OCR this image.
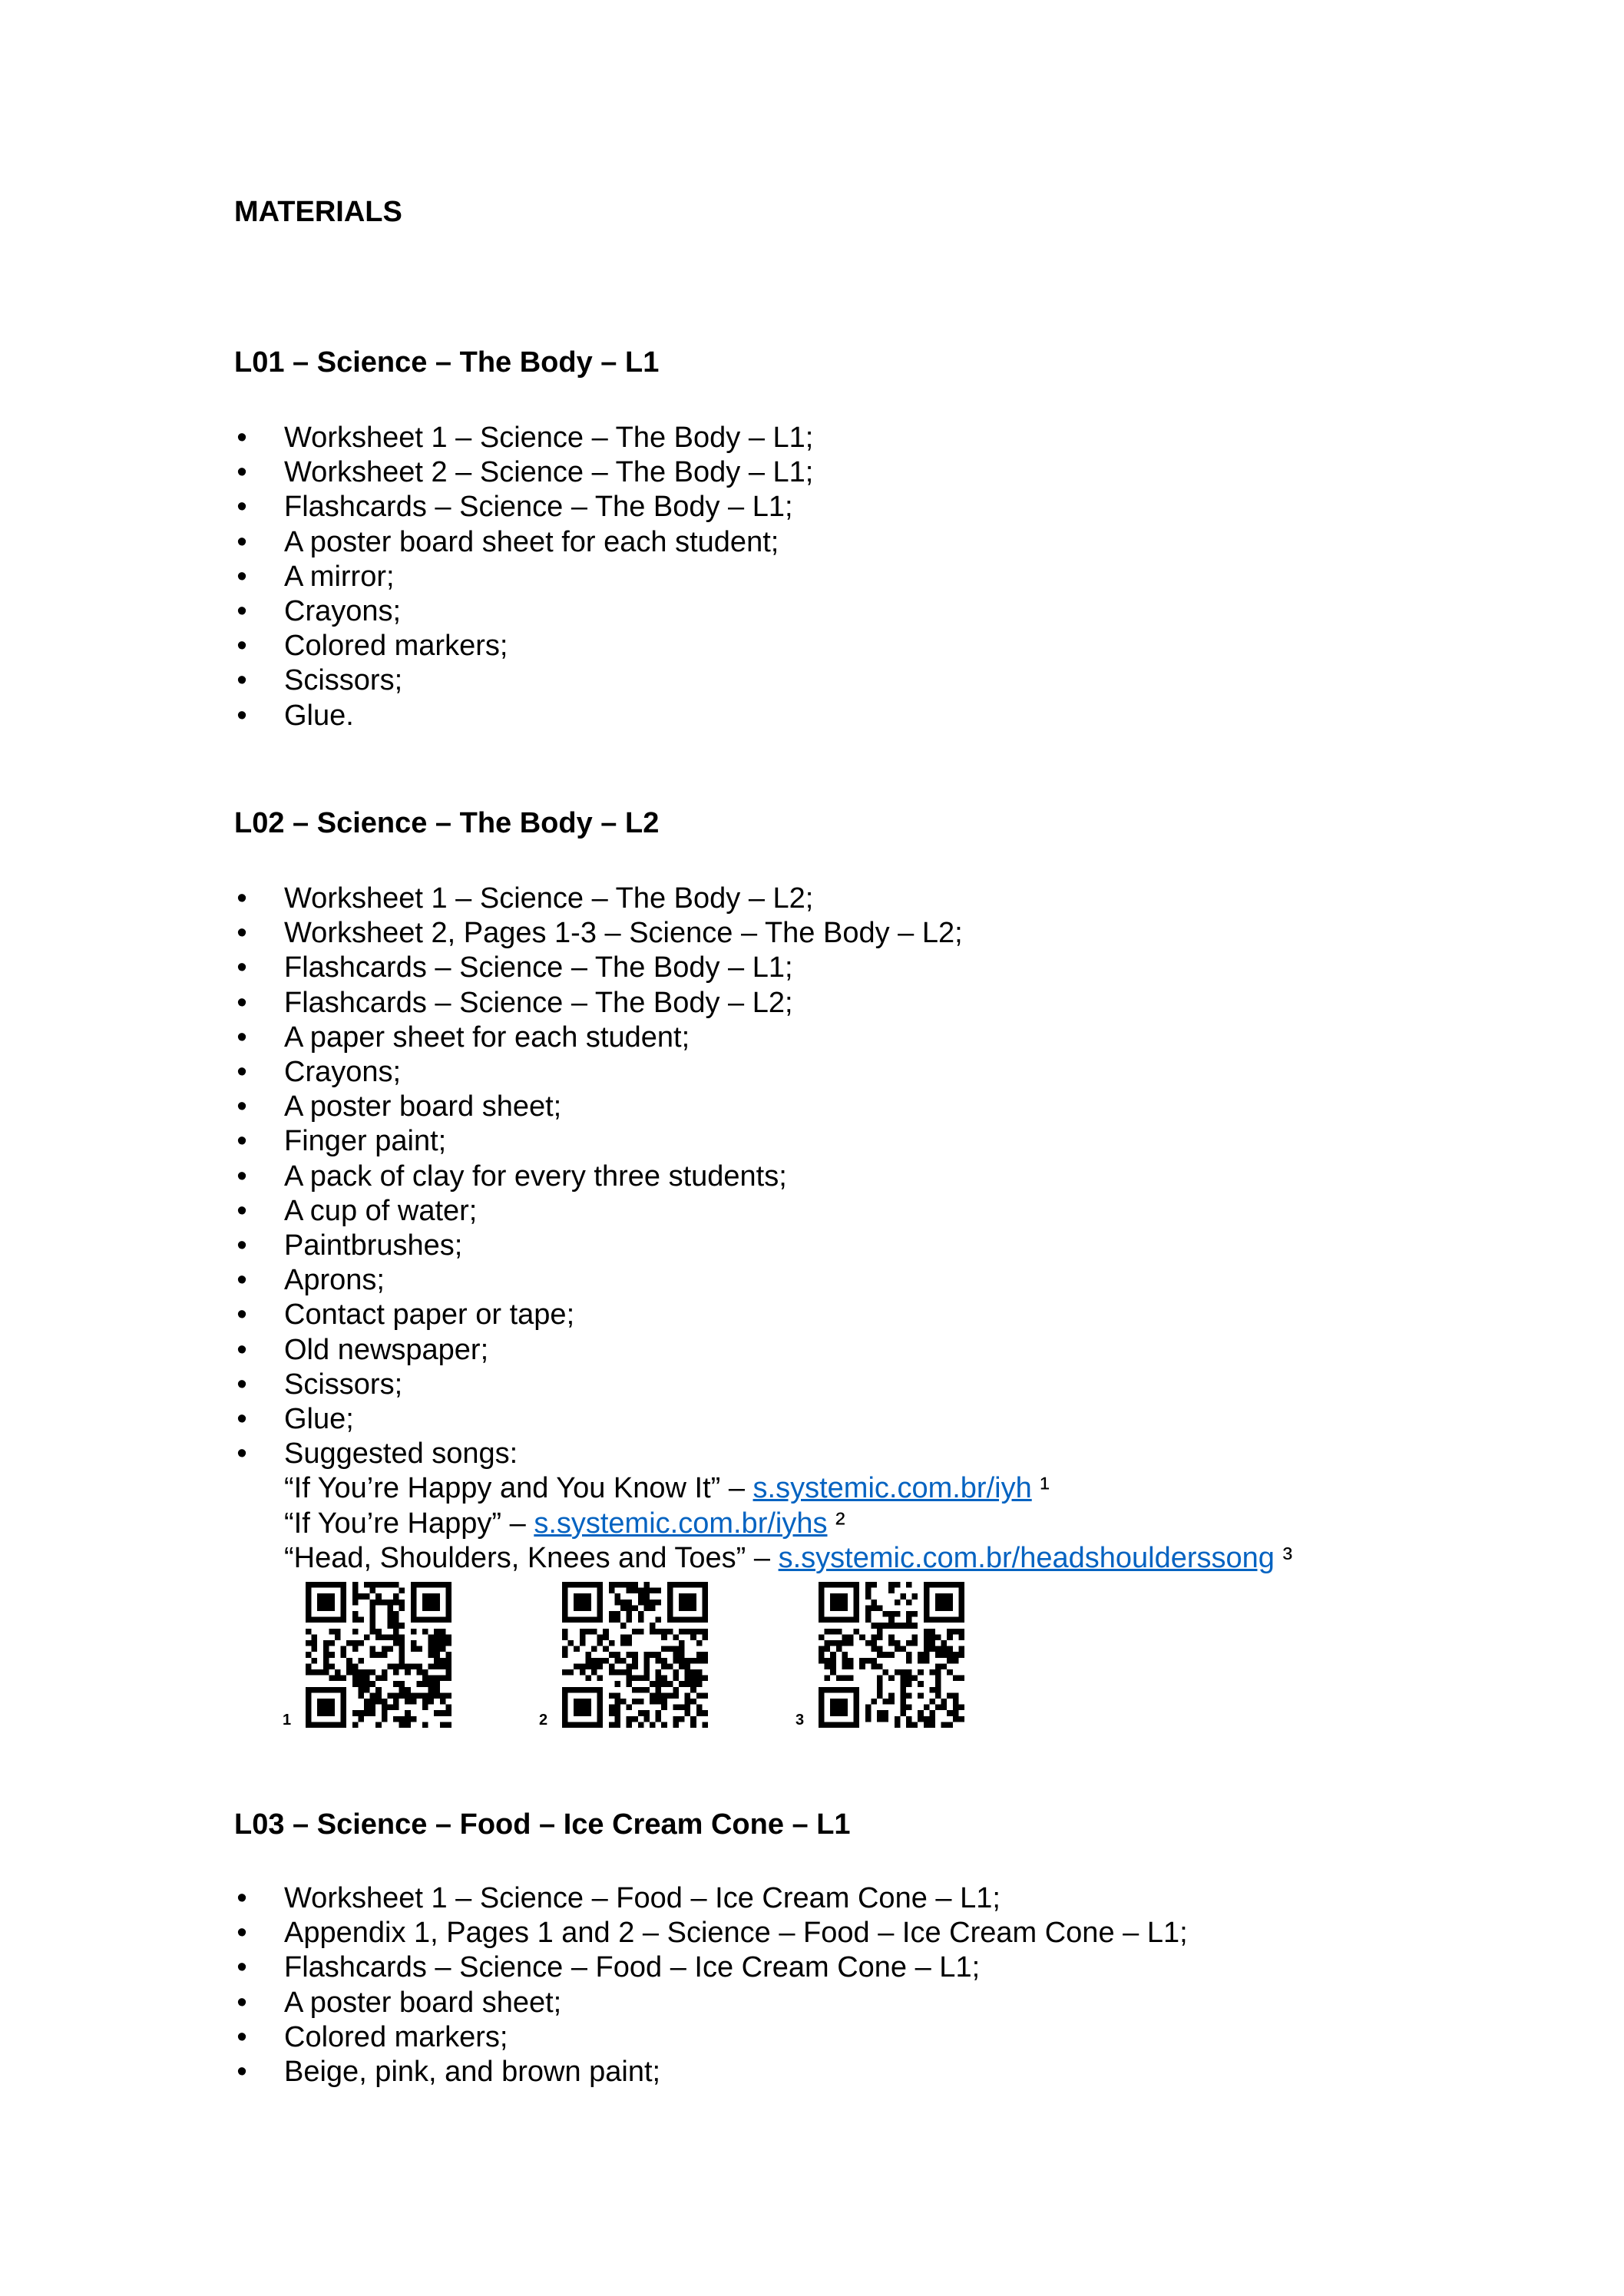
MATERIALS
L01 – Science – The Body – L1
• Worksheet 1 – Science – The Body – L1;
• Worksheet 2 – Science – The Body – L1;
• Flashcards – Science – The Body – L1;
• A poster board sheet for each student;
• A mirror;
• Crayons;
• Colored markers;
• Scissors;
• Glue.
L02 – Science – The Body – L2
• Worksheet 1 – Science – The Body – L2;
• Worksheet 2, Pages 1-3 – Science – The Body – L2;
• Flashcards – Science – The Body – L1;
• Flashcards – Science – The Body – L2;
• A paper sheet for each student;
• Crayons;
• A poster board sheet;
• Finger paint;
• A pack of clay for every three students;
• A cup of water;
• Paintbrushes;
• Aprons;
• Contact paper or tape;
• Old newspaper;
• Scissors;
• Glue;
• Suggested songs:
“If You’re Happy and You Know It” – s.systemic.com.br/iyh ¹
“If You’re Happy” – s.systemic.com.br/iyhs ²
“Head, Shoulders, Knees and Toes” – s.systemic.com.br/headshoulderssong ³
1	2	3
L03 – Science – Food – Ice Cream Cone – L1
• Worksheet 1 – Science – Food – Ice Cream Cone – L1;
• Appendix 1, Pages 1 and 2 – Science – Food – Ice Cream Cone – L1;
• Flashcards – Science – Food – Ice Cream Cone – L1;
• A poster board sheet;
• Colored markers;
• Beige, pink, and brown paint;
